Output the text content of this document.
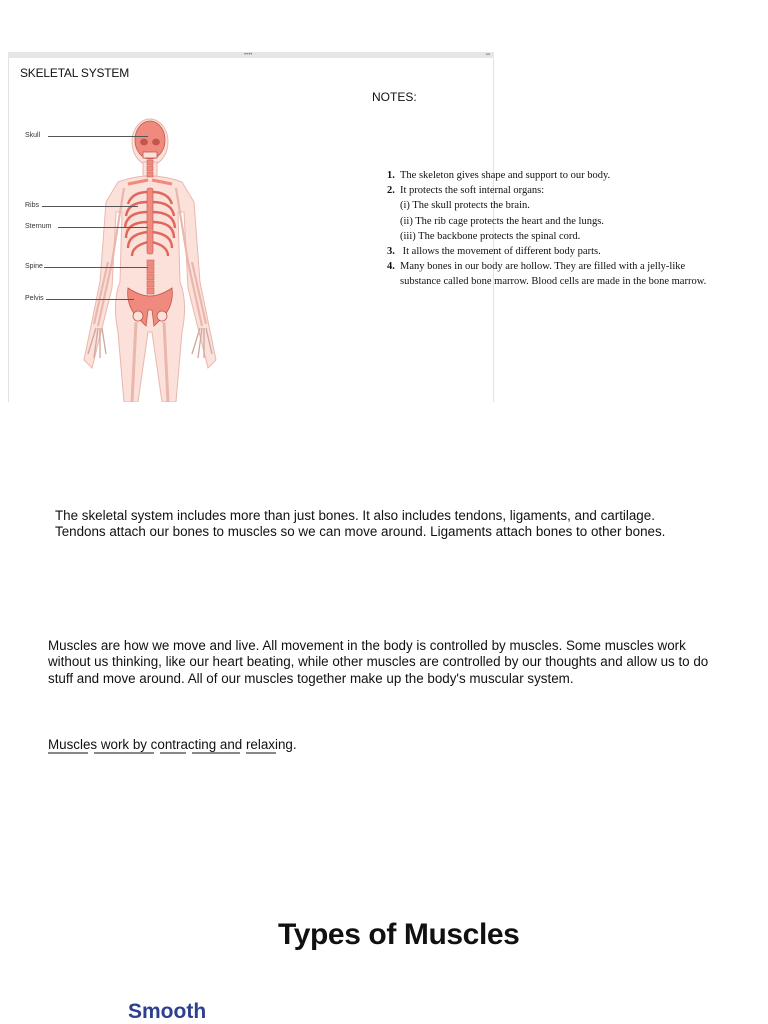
••••	▪▪
SKELETAL SYSTEM
NOTES:
Skull
Ribs
Sternum
Spine
Pelvis
1. The skeleton gives shape and support to our body.
2. It protects the soft internal organs:
(i) The skull protects the brain.
(ii) The rib cage protects the heart and the lungs.
(iii) The backbone protects the spinal cord.
3. It allows the movement of different body parts.
4. Many bones in our body are hollow. They are filled with a jelly-like
substance called bone marrow. Blood cells are made in the bone marrow.
The skeletal system includes more than just bones. It also includes tendons, ligaments, and cartilage. Tendons attach our bones to muscles so we can move around. Ligaments attach bones to other bones.
Muscles are how we move and live. All movement in the body is controlled by muscles. Some muscles work without us thinking, like our heart beating, while other muscles are controlled by our thoughts and allow us to do stuff and move around. All of our muscles together make up the body's muscular system.
Muscles work by contracting and relaxing.
Types of Muscles
Smooth
